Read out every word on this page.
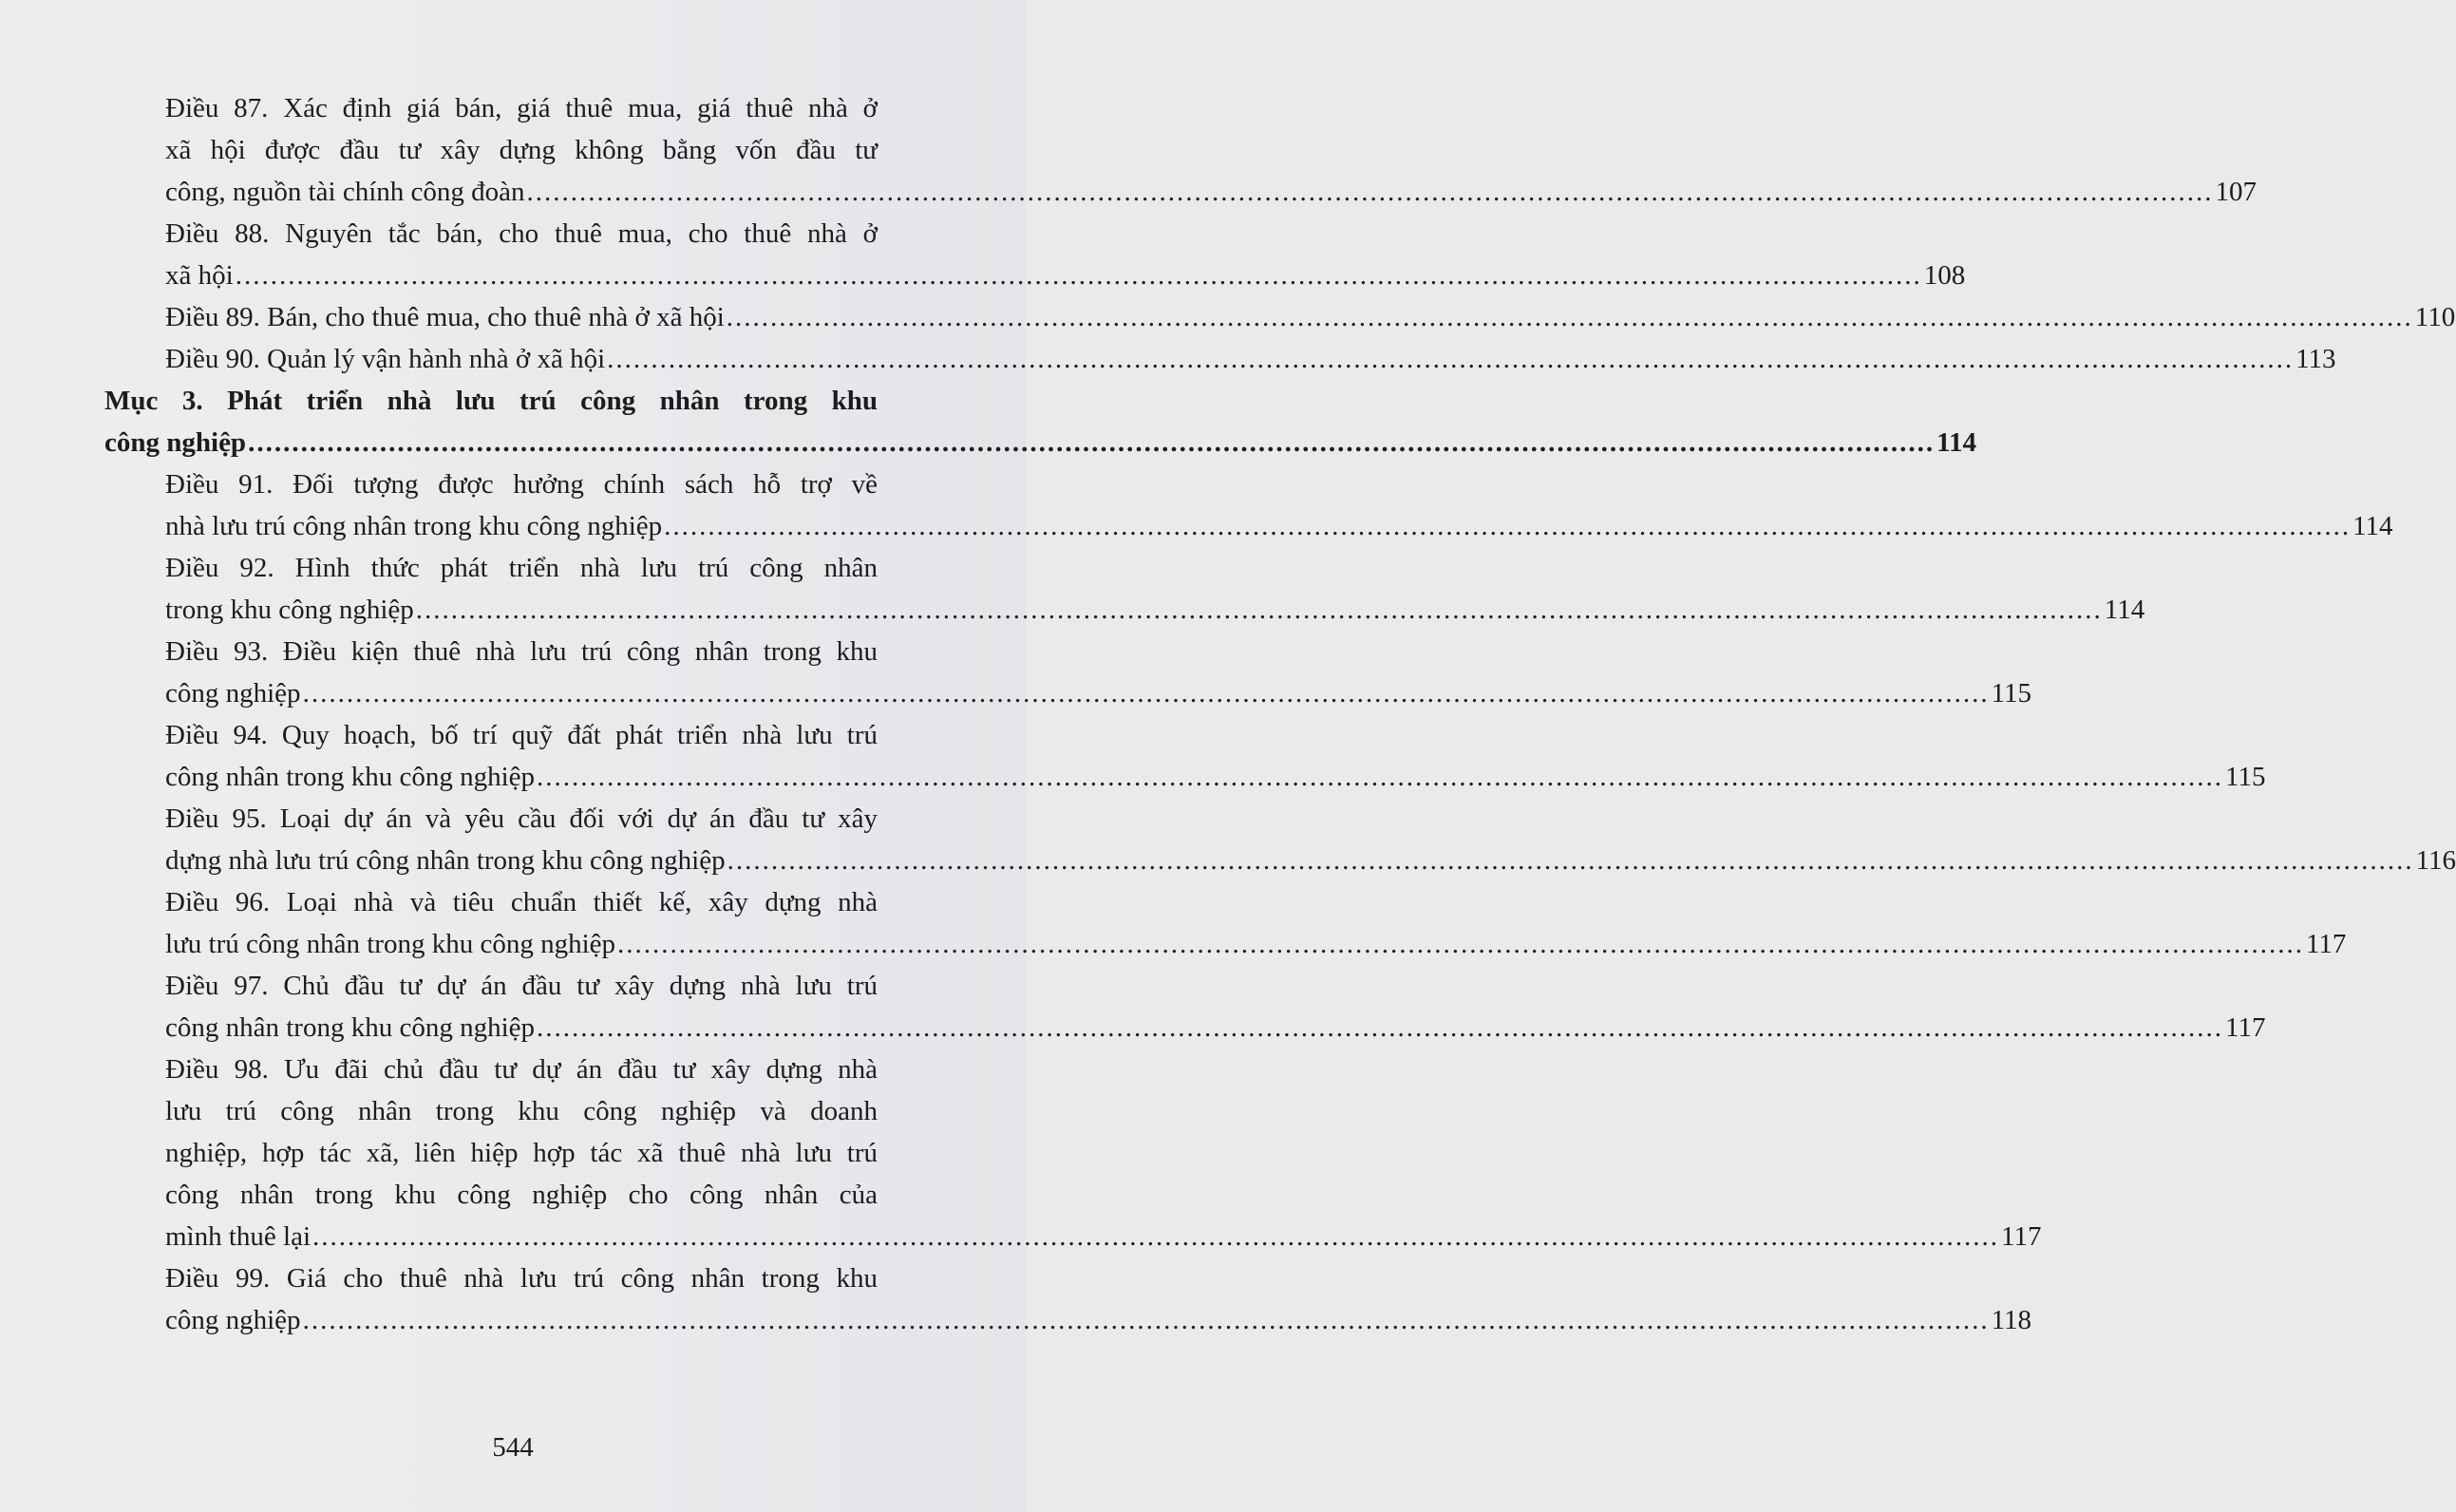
Điều 87. Xác định giá bán, giá thuê mua, giá thuê nhà ở
xã hội được đầu tư xây dựng không bằng vốn đầu tư
công, nguồn tài chính công đoàn .....	107
Điều 88. Nguyên tắc bán, cho thuê mua, cho thuê nhà ở
xã hội .....	108
Điều 89. Bán, cho thuê mua, cho thuê nhà ở xã hội .....	110
Điều 90. Quản lý vận hành nhà ở xã hội .....	113
Mục 3. Phát triển nhà lưu trú công nhân trong khu
công nghiệp .....	114
Điều 91. Đối tượng được hưởng chính sách hỗ trợ về
nhà lưu trú công nhân trong khu công nghiệp .....	114
Điều 92. Hình thức phát triển nhà lưu trú công nhân
trong khu công nghiệp .....	114
Điều 93. Điều kiện thuê nhà lưu trú công nhân trong khu
công nghiệp .....	115
Điều 94. Quy hoạch, bố trí quỹ đất phát triển nhà lưu trú
công nhân trong khu công nghiệp .....	115
Điều 95. Loại dự án và yêu cầu đối với dự án đầu tư xây
dựng nhà lưu trú công nhân trong khu công nghiệp .....	116
Điều 96. Loại nhà và tiêu chuẩn thiết kế, xây dựng nhà
lưu trú công nhân trong khu công nghiệp .....	117
Điều 97. Chủ đầu tư dự án đầu tư xây dựng nhà lưu trú
công nhân trong khu công nghiệp .....	117
Điều 98. Ưu đãi chủ đầu tư dự án đầu tư xây dựng nhà
lưu trú công nhân trong khu công nghiệp và doanh
nghiệp, hợp tác xã, liên hiệp hợp tác xã thuê nhà lưu trú
công nhân trong khu công nghiệp cho công nhân của
mình thuê lại .....	117
Điều 99. Giá cho thuê nhà lưu trú công nhân trong khu
công nghiệp .....	118
544
